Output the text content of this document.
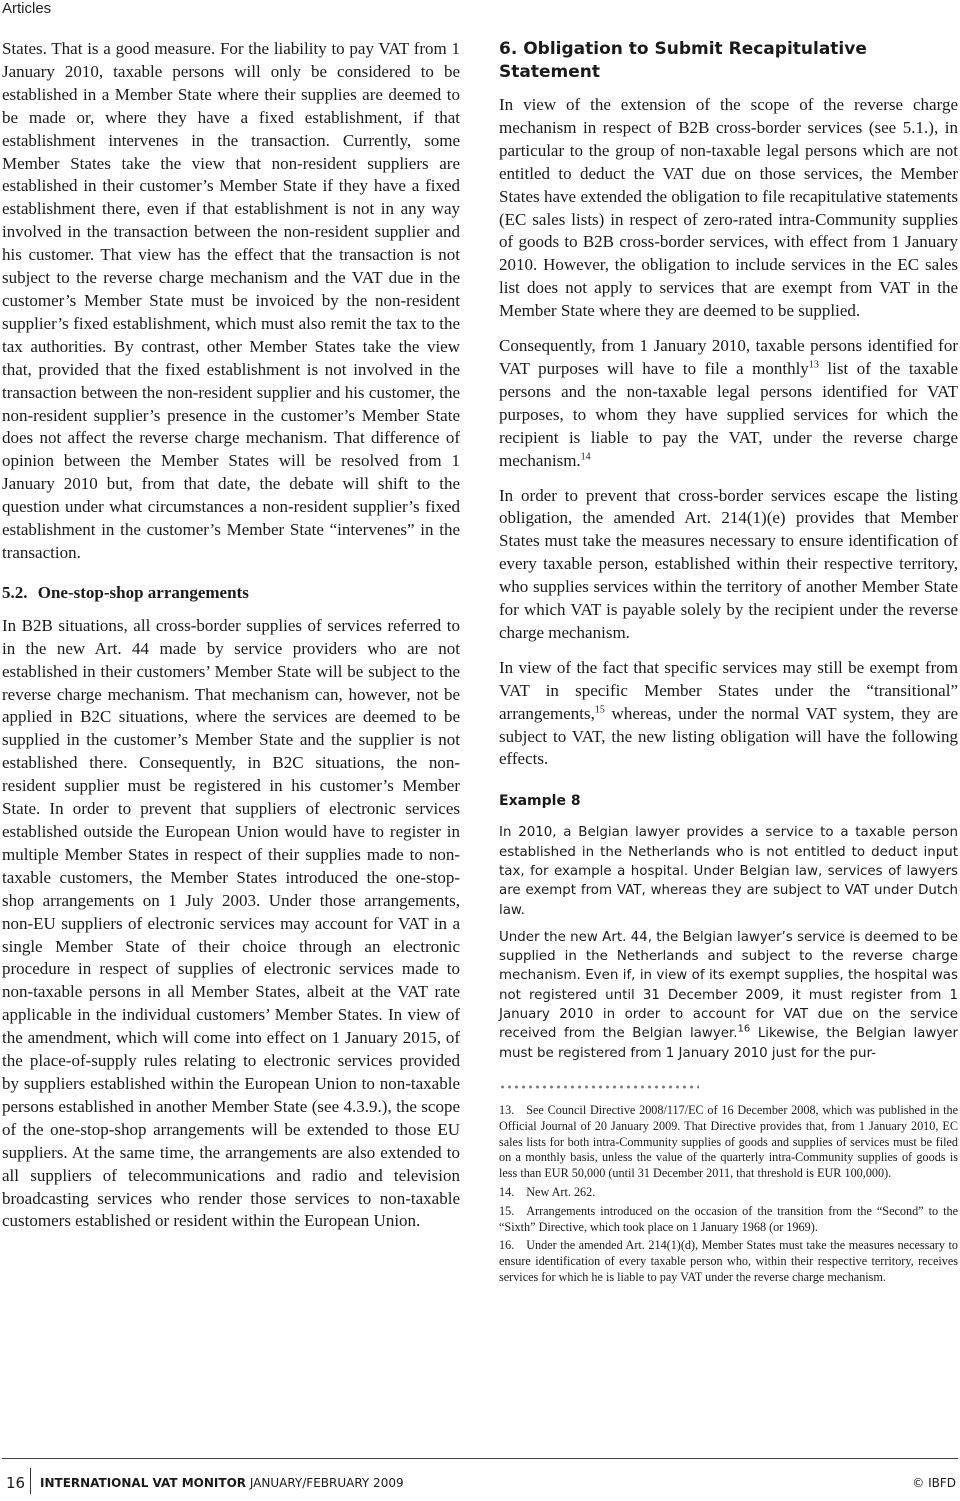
Articles

States. That is a good measure. For the liability to pay VAT from 1 January 2010, taxable persons will only be considered to be established in a Member State where their supplies are deemed to be made or, where they have a fixed establishment, if that establishment intervenes in the transaction. Currently, some Member States take the view that non-resident suppliers are established in their customer’s Member State if they have a fixed establishment there, even if that establishment is not in any way involved in the transaction between the non-resident supplier and his customer. That view has the effect that the transaction is not subject to the reverse charge mechanism and the VAT due in the customer’s Member State must be invoiced by the non-resident supplier’s fixed establishment, which must also remit the tax to the tax authorities. By contrast, other Member States take the view that, provided that the fixed establishment is not involved in the transaction between the non-resident supplier and his customer, the non-resident supplier’s presence in the customer’s Member State does not affect the reverse charge mechanism. That difference of opinion between the Member States will be resolved from 1 January 2010 but, from that date, the debate will shift to the question under what circumstances a non-resident supplier’s fixed establishment in the customer’s Member State “intervenes” in the transaction.

5.2. One-stop-shop arrangements

In B2B situations, all cross-border supplies of services referred to in the new Art. 44 made by service providers who are not established in their customers’ Member State will be subject to the reverse charge mechanism. That mechanism can, however, not be applied in B2C situations, where the services are deemed to be supplied in the customer’s Member State and the supplier is not established there. Consequently, in B2C situations, the non-resident supplier must be registered in his customer’s Member State. In order to prevent that suppliers of electronic services established outside the European Union would have to register in multiple Member States in respect of their supplies made to non-taxable customers, the Member States introduced the one-stop-shop arrangements on 1 July 2003. Under those arrangements, non-EU suppliers of electronic services may account for VAT in a single Member State of their choice through an electronic procedure in respect of supplies of electronic services made to non-taxable persons in all Member States, albeit at the VAT rate applicable in the individual customers’ Member States. In view of the amendment, which will come into effect on 1 January 2015, of the place-of-supply rules relating to electronic services provided by suppliers established within the European Union to non-taxable persons established in another Member State (see 4.3.9.), the scope of the one-stop-shop arrangements will be extended to those EU suppliers. At the same time, the arrangements are also extended to all suppliers of telecommunications and radio and television broadcasting services who render those services to non-taxable customers established or resident within the European Union.

6. Obligation to Submit Recapitulative Statement

In view of the extension of the scope of the reverse charge mechanism in respect of B2B cross-border services (see 5.1.), in particular to the group of non-taxable legal persons which are not entitled to deduct the VAT due on those services, the Member States have extended the obligation to file recapitulative statements (EC sales lists) in respect of zero-rated intra-Community supplies of goods to B2B cross-border services, with effect from 1 January 2010. However, the obligation to include services in the EC sales list does not apply to services that are exempt from VAT in the Member State where they are deemed to be supplied.

Consequently, from 1 January 2010, taxable persons identified for VAT purposes will have to file a monthly$^{13}$ list of the taxable persons and the non-taxable legal persons identified for VAT purposes, to whom they have supplied services for which the recipient is liable to pay the VAT, under the reverse charge mechanism.$^{14}$

In order to prevent that cross-border services escape the listing obligation, the amended Art. 214(1)(e) provides that Member States must take the measures necessary to ensure identification of every taxable person, established within their respective territory, who supplies services within the territory of another Member State for which VAT is payable solely by the recipient under the reverse charge mechanism.

In view of the fact that specific services may still be exempt from VAT in specific Member States under the “transitional” arrangements,$^{15}$ whereas, under the normal VAT system, they are subject to VAT, the new listing obligation will have the following effects.

Example 8

In 2010, a Belgian lawyer provides a service to a taxable person established in the Netherlands who is not entitled to deduct input tax, for example a hospital. Under Belgian law, services of lawyers are exempt from VAT, whereas they are subject to VAT under Dutch law.

Under the new Art. 44, the Belgian lawyer’s service is deemed to be supplied in the Netherlands and subject to the reverse charge mechanism. Even if, in view of its exempt supplies, the hospital was not registered until 31 December 2009, it must register from 1 January 2010 in order to account for VAT due on the service received from the Belgian lawyer.$^{16}$ Likewise, the Belgian lawyer must be registered from 1 January 2010 just for the pur-

13. See Council Directive 2008/117/EC of 16 December 2008, which was published in the Official Journal of 20 January 2009. That Directive provides that, from 1 January 2010, EC sales lists for both intra-Community supplies of goods and supplies of services must be filed on a monthly basis, unless the value of the quarterly intra-Community supplies of goods is less than EUR 50,000 (until 31 December 2011, that threshold is EUR 100,000).

14. New Art. 262.

15. Arrangements introduced on the occasion of the transition from the “Second” to the “Sixth” Directive, which took place on 1 January 1968 (or 1969).

16. Under the amended Art. 214(1)(d), Member States must take the measures necessary to ensure identification of every taxable person who, within their respective territory, receives services for which he is liable to pay VAT under the reverse charge mechanism.

16 INTERNATIONAL VAT MONITOR JANUARY/FEBRUARY 2009	© IBFD
